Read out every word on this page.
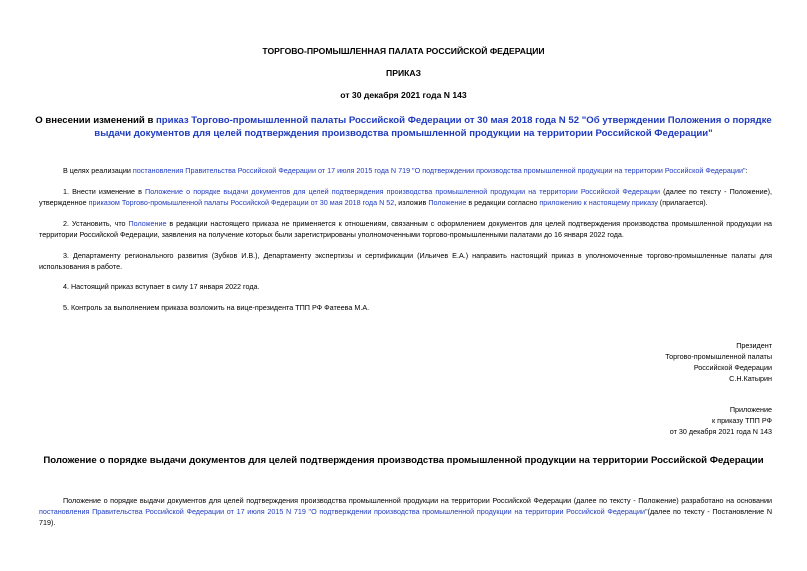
ТОРГОВО-ПРОМЫШЛЕННАЯ ПАЛАТА РОССИЙСКОЙ ФЕДЕРАЦИИ
ПРИКАЗ
от 30 декабря 2021 года N 143
О внесении изменений в приказ Торгово-промышленной палаты Российской Федерации от 30 мая 2018 года N 52 "Об утверждении Положения о порядке выдачи документов для целей подтверждения производства промышленной продукции на территории Российской Федерации"
В целях реализации постановления Правительства Российской Федерации от 17 июля 2015 года N 719 "О подтверждении производства промышленной продукции на территории Российской Федерации":
1. Внести изменение в Положение о порядке выдачи документов для целей подтверждения производства промышленной продукции на территории Российской Федерации (далее по тексту - Положение), утвержденное приказом Торгово-промышленной палаты Российской Федерации от 30 мая 2018 года N 52, изложив Положение в редакции согласно приложению к настоящему приказу (прилагается).
2. Установить, что Положение в редакции настоящего приказа не применяется к отношениям, связанным с оформлением документов для целей подтверждения производства промышленной продукции на территории Российской Федерации, заявления на получение которых были зарегистрированы уполномоченными торгово-промышленными палатами до 16 января 2022 года.
3. Департаменту регионального развития (Зубков И.В.), Департаменту экспертизы и сертификации (Ильичев Е.А.) направить настоящий приказ в уполномоченные торгово-промышленные палаты для использования в работе.
4. Настоящий приказ вступает в силу 17 января 2022 года.
5. Контроль за выполнением приказа возложить на вице-президента ТПП РФ Фатеева М.А.
Президент
Торгово-промышленной палаты
Российской Федерации
С.Н.Катырин
Приложение
к приказу ТПП РФ
от 30 декабря 2021 года N 143
Положение о порядке выдачи документов для целей подтверждения производства промышленной продукции на территории Российской Федерации
Положение о порядке выдачи документов для целей подтверждения производства промышленной продукции на территории Российской Федерации (далее по тексту - Положение) разработано на основании постановления Правительства Российской Федерации от 17 июля 2015 N 719 "О подтверждении производства промышленной продукции на территории Российской Федерации"(далее по тексту - Постановление N 719).
